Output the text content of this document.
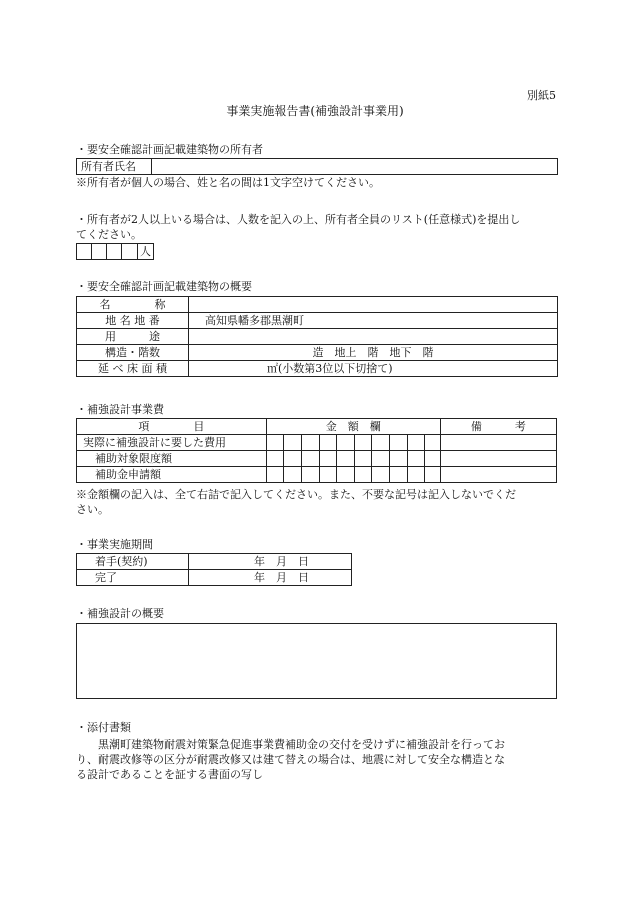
別紙5
事業実施報告書(補強設計事業用)
・要安全確認計画記載建築物の所有者
所有者氏名	
※所有者が個人の場合、姓と名の間は1文字空けてください。
・所有者が2人以上いる場合は、人数を記入の上、所有者全員のリスト(任意様式)を提出し
てください。
				人
・要安全確認計画記載建築物の概要
名　　　　称	
地 名 地 番	高知県幡多郡黒潮町
用　　　途	
構造・階数	造　地上　階　地下　階
延 べ 床 面 積	㎡(小数第3位以下切捨て)
・補強設計事業費
項　　　　目	金　額　欄										備　　　考
実際に補強設計に要した費用											
補助対象限度額											
補助金申請額											
※金額欄の記入は、全て右詰で記入してください。また、不要な記号は記入しないでくだ
さい。
・事業実施期間
着手(契約)	年　月　日
完了	年　月　日
・補強設計の概要
・添付書類
　　黒潮町建築物耐震対策緊急促進事業費補助金の交付を受けずに補強設計を行ってお
り、耐震改修等の区分が耐震改修又は建て替えの場合は、地震に対して安全な構造とな
る設計であることを証する書面の写し
